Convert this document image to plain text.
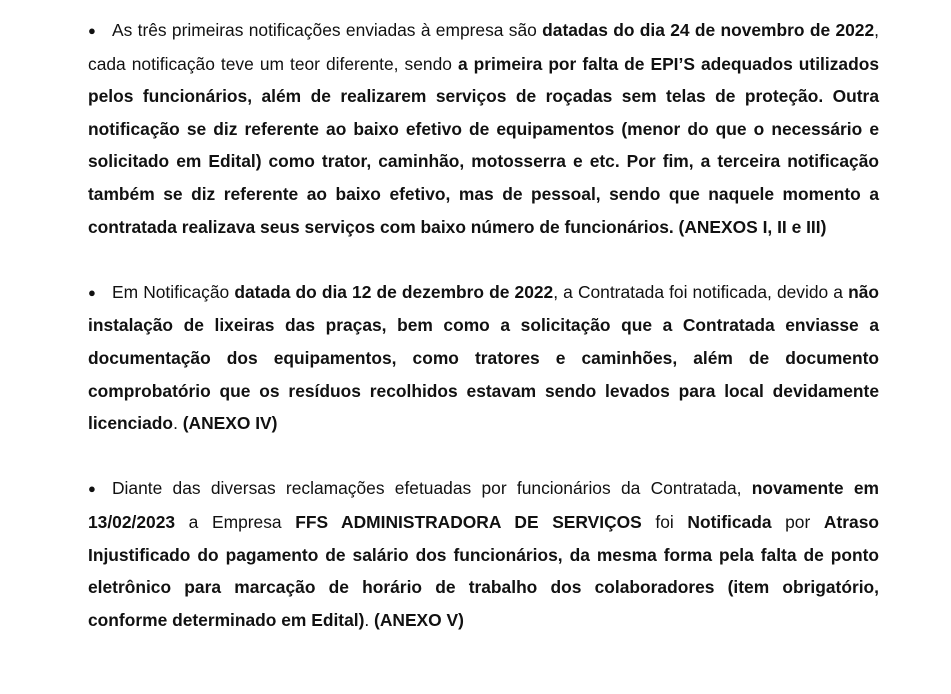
● As três primeiras notificações enviadas à empresa são datadas do dia 24 de novembro de 2022, cada notificação teve um teor diferente, sendo a primeira por falta de EPI’S adequados utilizados pelos funcionários, além de realizarem serviços de roçadas sem telas de proteção. Outra notificação se diz referente ao baixo efetivo de equipamentos (menor do que o necessário e solicitado em Edital) como trator, caminhão, motosserra e etc. Por fim, a terceira notificação também se diz referente ao baixo efetivo, mas de pessoal, sendo que naquele momento a contratada realizava seus serviços com baixo número de funcionários. (ANEXOS I, II e III)

● Em Notificação datada do dia 12 de dezembro de 2022, a Contratada foi notificada, devido a não instalação de lixeiras das praças, bem como a solicitação que a Contratada enviasse a documentação dos equipamentos, como tratores e caminhões, além de documento comprobatório que os resíduos recolhidos estavam sendo levados para local devidamente licenciado. (ANEXO IV)

● Diante das diversas reclamações efetuadas por funcionários da Contratada, novamente em 13/02/2023 a Empresa FFS ADMINISTRADORA DE SERVIÇOS foi Notificada por Atraso Injustificado do pagamento de salário dos funcionários, da mesma forma pela falta de ponto eletrônico para marcação de horário de trabalho dos colaboradores (item obrigatório, conforme determinado em Edital). (ANEXO V)
